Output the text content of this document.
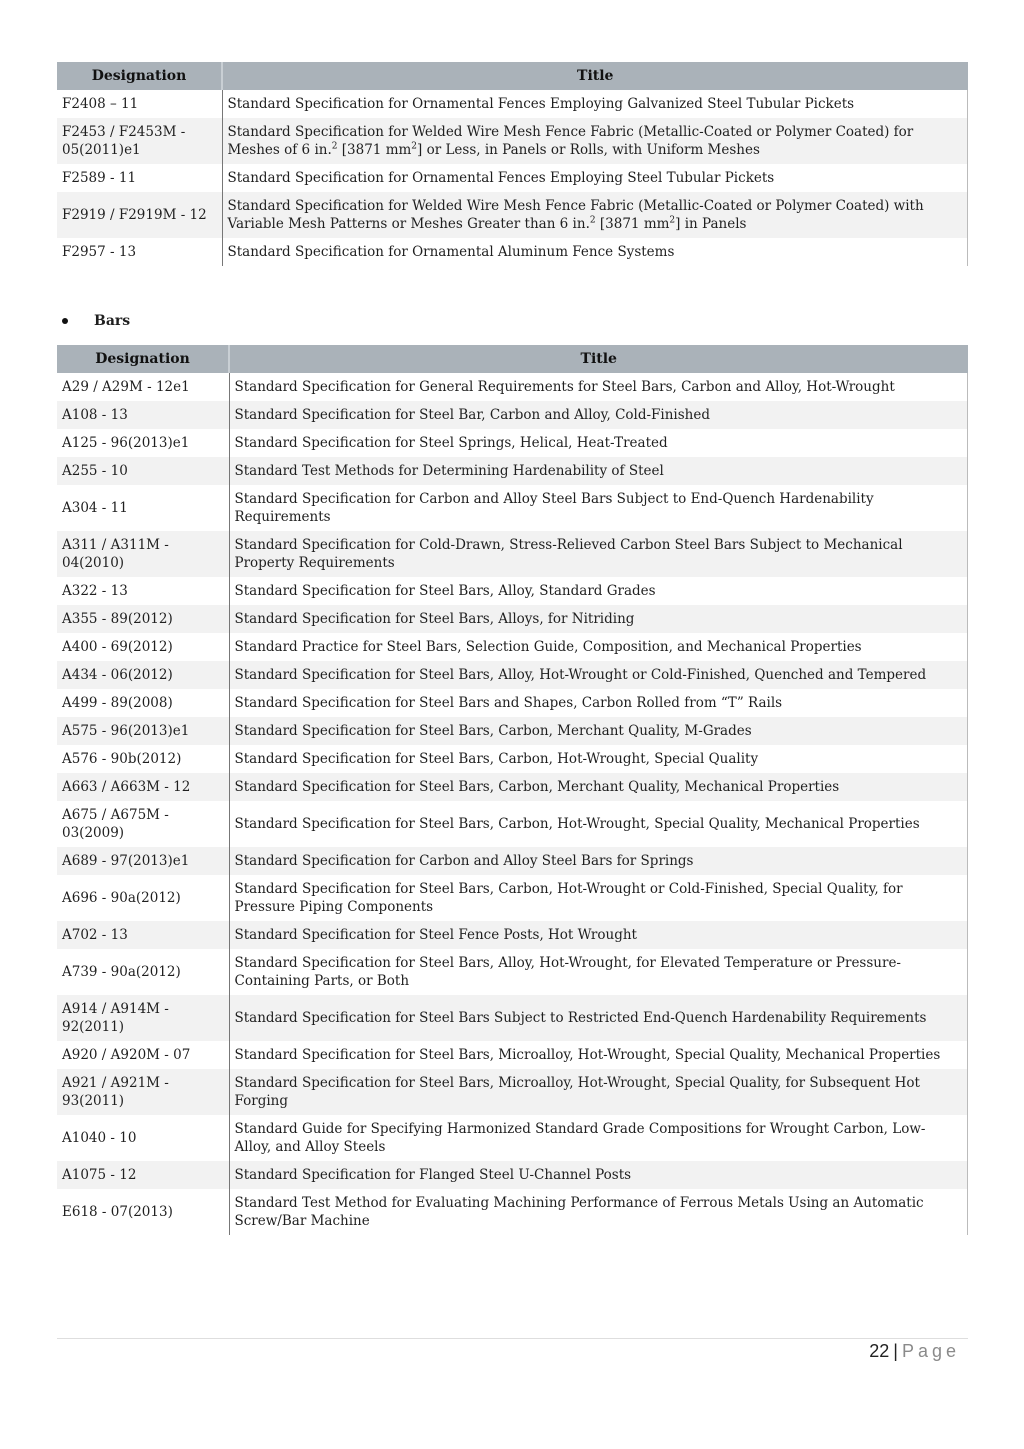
Designation	Title
F2408 – 11	Standard Specification for Ornamental Fences Employing Galvanized Steel Tubular Pickets
F2453 / F2453M - 05(2011)e1	Standard Specification for Welded Wire Mesh Fence Fabric (Metallic-Coated or Polymer Coated) for Meshes of 6 in.$^2$ [3871 $mm^2$] or Less, in Panels or Rolls, with Uniform Meshes
F2589 - 11	Standard Specification for Ornamental Fences Employing Steel Tubular Pickets
F2919 / F2919M - 12	Standard Specification for Welded Wire Mesh Fence Fabric (Metallic-Coated or Polymer Coated) with Variable Mesh Patterns or Meshes Greater than 6 in.$^2$ [3871 $mm^2$] in Panels
F2957 - 13	Standard Specification for Ornamental Aluminum Fence Systems
Bars
Designation	Title
A29 / A29M - 12e1	Standard Specification for General Requirements for Steel Bars, Carbon and Alloy, Hot-Wrought
A108 - 13	Standard Specification for Steel Bar, Carbon and Alloy, Cold-Finished
A125 - 96(2013)e1	Standard Specification for Steel Springs, Helical, Heat-Treated
A255 - 10	Standard Test Methods for Determining Hardenability of Steel
A304 - 11	Standard Specification for Carbon and Alloy Steel Bars Subject to End-Quench Hardenability Requirements
A311 / A311M - 04(2010)	Standard Specification for Cold-Drawn, Stress-Relieved Carbon Steel Bars Subject to Mechanical Property Requirements
A322 - 13	Standard Specification for Steel Bars, Alloy, Standard Grades
A355 - 89(2012)	Standard Specification for Steel Bars, Alloys, for Nitriding
A400 - 69(2012)	Standard Practice for Steel Bars, Selection Guide, Composition, and Mechanical Properties
A434 - 06(2012)	Standard Specification for Steel Bars, Alloy, Hot-Wrought or Cold-Finished, Quenched and Tempered
A499 - 89(2008)	Standard Specification for Steel Bars and Shapes, Carbon Rolled from “T” Rails
A575 - 96(2013)e1	Standard Specification for Steel Bars, Carbon, Merchant Quality, M-Grades
A576 - 90b(2012)	Standard Specification for Steel Bars, Carbon, Hot-Wrought, Special Quality
A663 / A663M - 12	Standard Specification for Steel Bars, Carbon, Merchant Quality, Mechanical Properties
A675 / A675M - 03(2009)	Standard Specification for Steel Bars, Carbon, Hot-Wrought, Special Quality, Mechanical Properties
A689 - 97(2013)e1	Standard Specification for Carbon and Alloy Steel Bars for Springs
A696 - 90a(2012)	Standard Specification for Steel Bars, Carbon, Hot-Wrought or Cold-Finished, Special Quality, for Pressure Piping Components
A702 - 13	Standard Specification for Steel Fence Posts, Hot Wrought
A739 - 90a(2012)	Standard Specification for Steel Bars, Alloy, Hot-Wrought, for Elevated Temperature or Pressure-Containing Parts, or Both
A914 / A914M - 92(2011)	Standard Specification for Steel Bars Subject to Restricted End-Quench Hardenability Requirements
A920 / A920M - 07	Standard Specification for Steel Bars, Microalloy, Hot-Wrought, Special Quality, Mechanical Properties
A921 / A921M - 93(2011)	Standard Specification for Steel Bars, Microalloy, Hot-Wrought, Special Quality, for Subsequent Hot Forging
A1040 - 10	Standard Guide for Specifying Harmonized Standard Grade Compositions for Wrought Carbon, Low-Alloy, and Alloy Steels
A1075 - 12	Standard Specification for Flanged Steel U-Channel Posts
E618 - 07(2013)	Standard Test Method for Evaluating Machining Performance of Ferrous Metals Using an Automatic Screw/Bar Machine
22 | Page
